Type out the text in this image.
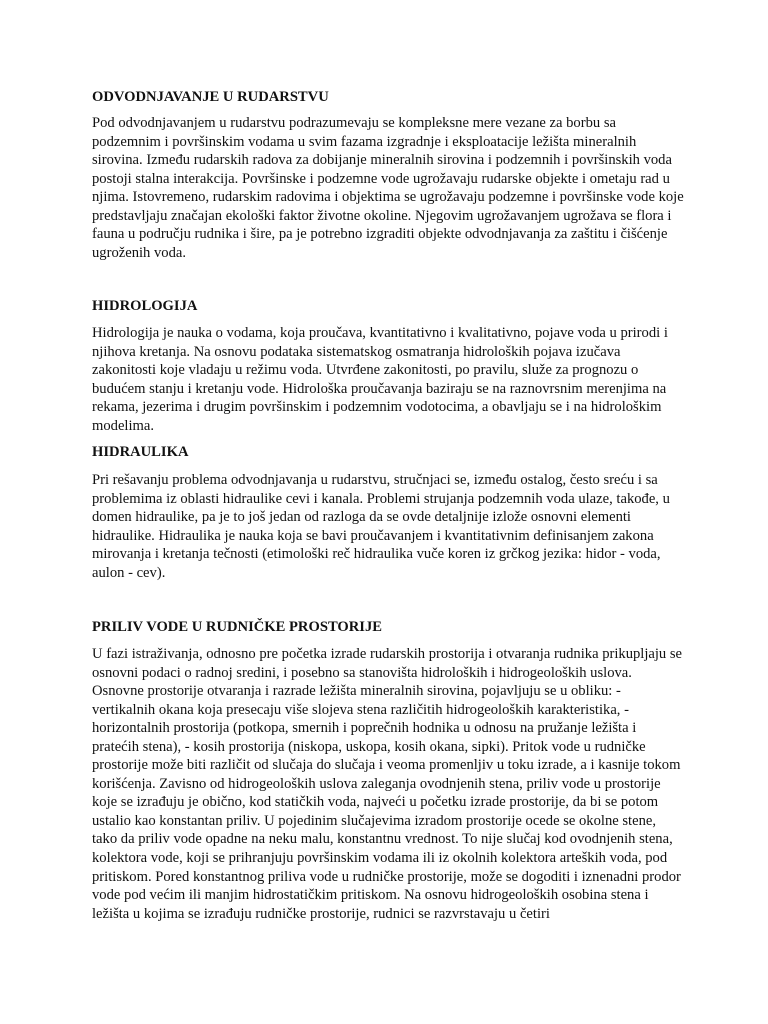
ODVODNJAVANJE U RUDARSTVU

Pod odvodnjavanjem u rudarstvu podrazumevaju se kompleksne mere vezane za borbu sa podzemnim i površinskim vodama u svim fazama izgradnje i eksploatacije ležišta mineralnih sirovina. Između rudarskih radova za dobijanje mineralnih sirovina i podzemnih i površinskih voda postoji stalna interakcija. Površinske i podzemne vode ugrožavaju rudarske objekte i ometaju rad u njima. Istovremeno, rudarskim radovima i objektima se ugrožavaju podzemne i površinske vode koje predstavljaju značajan ekološki faktor životne okoline. Njegovim ugrožavanjem ugrožava se flora i fauna u području rudnika i šire, pa je potrebno izgraditi objekte odvodnjavanja za zaštitu i čišćenje ugroženih voda.

HIDROLOGIJA

Hidrologija je nauka o vodama, koja proučava, kvantitativno i kvalitativno, pojave voda u prirodi i njihova kretanja. Na osnovu podataka sistematskog osmatranja hidroloških pojava izučava zakonitosti koje vladaju u režimu voda. Utvrđene zakonitosti, po pravilu, služe za prognozu o budućem stanju i kretanju vode. Hidrološka proučavanja baziraju se na raznovrsnim merenjima na rekama, jezerima i drugim površinskim i podzemnim vodotocima, a obavljaju se i na hidrološkim modelima.

HIDRAULIKA

Pri rešavanju problema odvodnjavanja u rudarstvu, stručnjaci se, između ostalog, često sreću i sa problemima iz oblasti hidraulike cevi i kanala. Problemi strujanja podzemnih voda ulaze, takođe, u domen hidraulike, pa je to još jedan od razloga da se ovde detaljnije izlože osnovni elementi hidraulike. Hidraulika je nauka koja se bavi proučavanjem i kvantitativnim definisanjem zakona mirovanja i kretanja tečnosti (etimološki reč hidraulika vuče koren iz grčkog jezika: hidor - voda, aulon - cev).

PRILIV VODE U RUDNIČKE PROSTORIJE

U fazi istraživanja, odnosno pre početka izrade rudarskih prostorija i otvaranja rudnika prikupljaju se osnovni podaci o radnoj sredini, i posebno sa stanovišta hidroloških i hidrogeoloških uslova. Osnovne prostorije otvaranja i razrade ležišta mineralnih sirovina, pojavljuju se u obliku: - vertikalnih okana koja presecaju više slojeva stena različitih hidrogeoloških karakteristika, - horizontalnih prostorija (potkopa, smernih i poprečnih hodnika u odnosu na pružanje ležišta i pratećih stena), - kosih prostorija (niskopa, uskopa, kosih okana, sipki). Pritok vode u rudničke prostorije može biti različit od slučaja do slučaja i veoma promenljiv u toku izrade, a i kasnije tokom korišćenja. Zavisno od hidrogeoloških uslova zaleganja ovodnjenih stena, priliv vode u prostorije koje se izrađuju je obično, kod statičkih voda, najveći u početku izrade prostorije, da bi se potom ustalio kao konstantan priliv. U pojedinim slučajevima izradom prostorije ocede se okolne stene, tako da priliv vode opadne na neku malu, konstantnu vrednost. To nije slučaj kod ovodnjenih stena, kolektora vode, koji se prihranjuju površinskim vodama ili iz okolnih kolektora arteških voda, pod pritiskom. Pored konstantnog priliva vode u rudničke prostorije, može se dogoditi i iznenadni prodor vode pod većim ili manjim hidrostatičkim pritiskom. Na osnovu hidrogeoloških osobina stena i ležišta u kojima se izrađuju rudničke prostorije, rudnici se razvrstavaju u četiri
